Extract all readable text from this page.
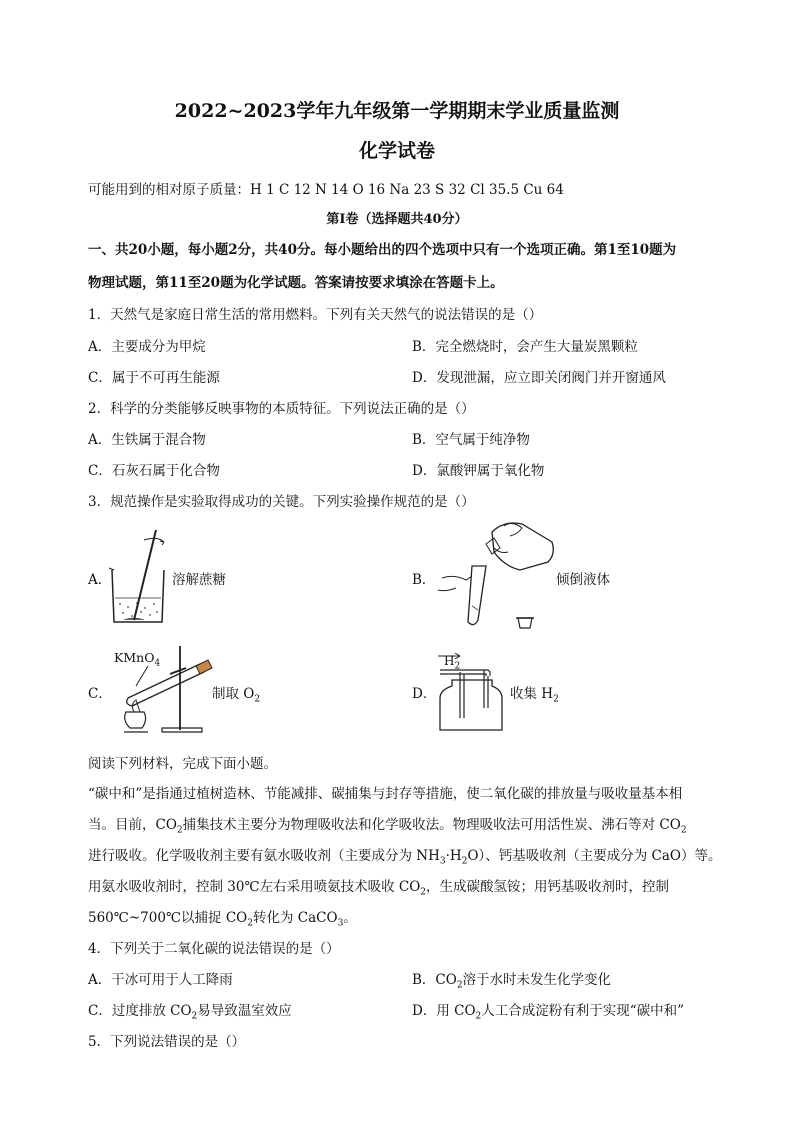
2022~2023学年九年级第一学期期末学业质量监测
化学试卷
可能用到的相对原子质量：H 1 C 12 N 14 O 16 Na 23 S 32 Cl 35.5 Cu 64
第I卷（选择题共40分）
一、共20小题，每小题2分，共40分。每小题给出的四个选项中只有一个选项正确。第1至10题为
物理试题，第11至20题为化学试题。答案请按要求填涂在答题卡上。
1．天然气是家庭日常生活的常用燃料。下列有关天然气的说法错误的是（）
A．主要成分为甲烷	B．完全燃烧时，会产生大量炭黑颗粒
C．属于不可再生能源	D．发现泄漏，应立即关闭阀门并开窗通风
2．科学的分类能够反映事物的本质特征。下列说法正确的是（）
A．生铁属于混合物	B．空气属于纯净物
C．石灰石属于化合物	D．氯酸钾属于氧化物
3．规范操作是实验取得成功的关键。下列实验操作规范的是（）
A．	溶解蔗糖	B．	倾倒液体
C．
KMnO$_4$
制取 $O_2$	D．
$H_2$
收集 $H_2$
阅读下列材料，完成下面小题。
“碳中和”是指通过植树造林、节能减排、碳捕集与封存等措施，使二氧化碳的排放量与吸收量基本相
当。目前，$CO_2$捕集技术主要分为物理吸收法和化学吸收法。物理吸收法可用活性炭、沸石等对 $CO_2$
进行吸收。化学吸收剂主要有氨水吸收剂（主要成分为 $NH_3\cdot H_2O$）、钙基吸收剂（主要成分为 CaO）等。
用氨水吸收剂时，控制 30℃左右采用喷氨技术吸收 $CO_2$，生成碳酸氢铵；用钙基吸收剂时，控制
560℃~700℃以捕捉 $CO_2$转化为 CaCO$_3$。
4．下列关于二氧化碳的说法错误的是（）
A．干冰可用于人工降雨	B．$CO_2$溶于水时未发生化学变化
C．过度排放 $CO_2$易导致温室效应	D．用 $CO_2$人工合成淀粉有利于实现“碳中和”
5．下列说法错误的是（）
